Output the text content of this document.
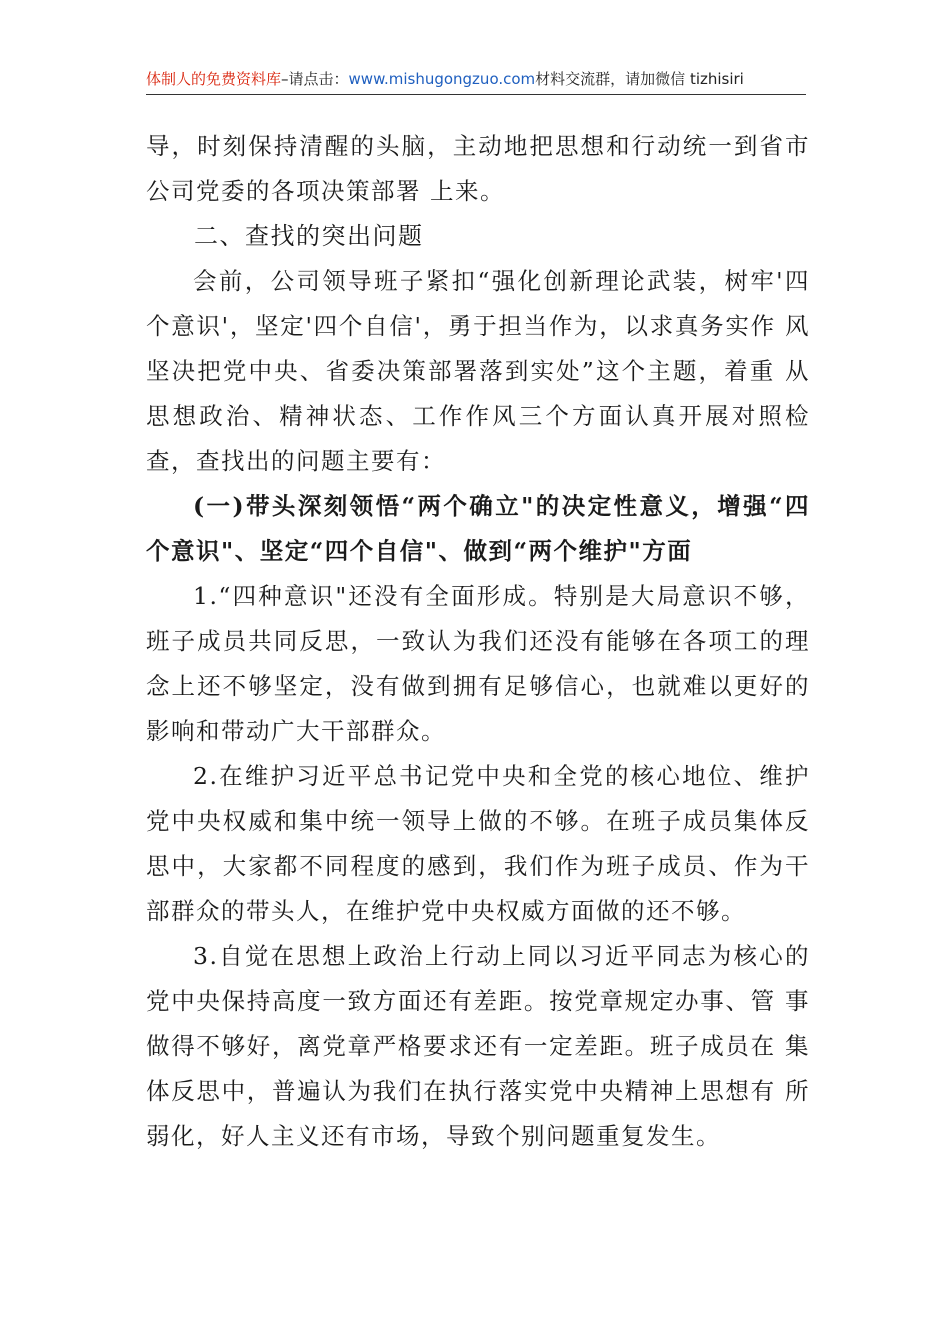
体制人的免费资料库–请点击：www.mishugongzuo.com材料交流群，请加微信 tizhisiri

导，时刻保持清醒的头脑，主动地把思想和行动统一到省市公司党委的各项决策部署 上来。

二、查找的突出问题

会前，公司领导班子紧扣“强化创新理论武装，树牢'四 个意识'，坚定'四个自信'，勇于担当作为，以求真务实作 风坚决把党中央、省委决策部署落到实处”这个主题，着重 从思想政治、精神状态、工作作风三个方面认真开展对照检 查，查找出的问题主要有：

(一)带头深刻领悟“两个确立"的决定性意义，增强“四个意识"、坚定“四个自信"、做到“两个维护"方面

1.“四种意识"还没有全面形成。特别是大局意识不够， 班子成员共同反思，一致认为我们还没有能够在各项工的理 念上还不够坚定，没有做到拥有足够信心，也就难以更好的 影响和带动广大干部群众。

2.在维护习近平总书记党中央和全党的核心地位、维护党中央权威和集中统一领导上做的不够。在班子成员集体反 思中，大家都不同程度的感到，我们作为班子成员、作为干 部群众的带头人，在维护党中央权威方面做的还不够。

3.自觉在思想上政治上行动上同以习近平同志为核心的党中央保持高度一致方面还有差距。按党章规定办事、管 事做得不够好，离党章严格要求还有一定差距。班子成员在 集体反思中，普遍认为我们在执行落实党中央精神上思想有 所弱化，好人主义还有市场，导致个别问题重复发生。
